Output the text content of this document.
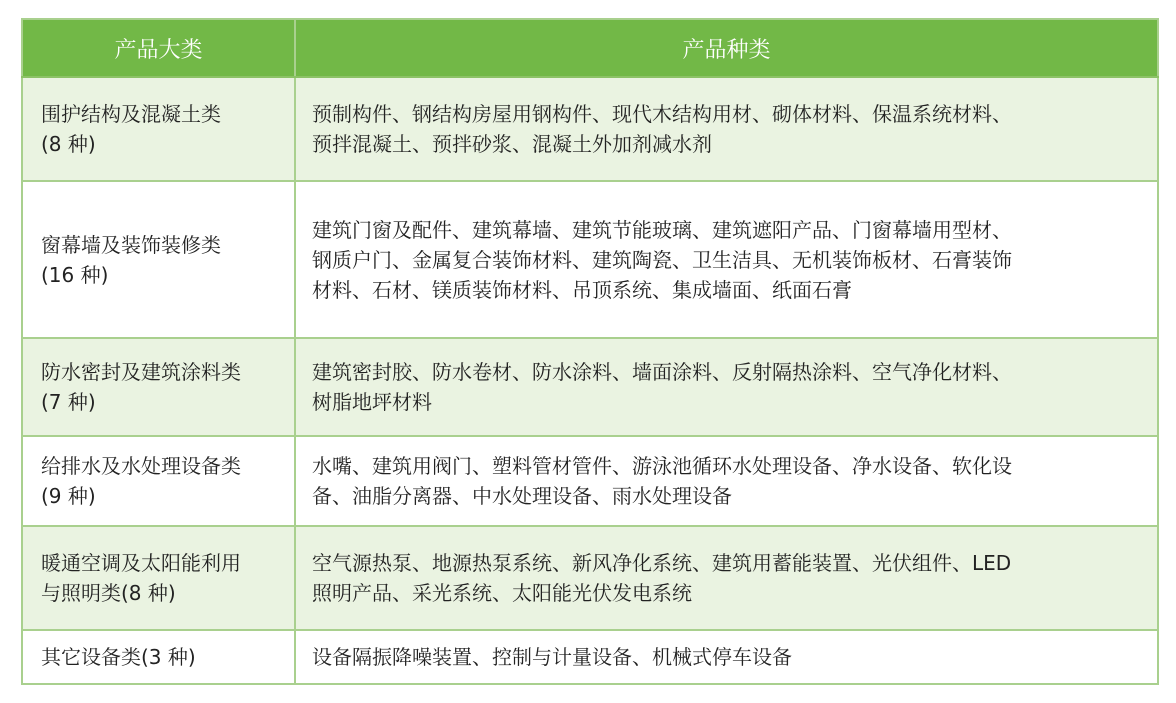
产品大类	产品种类

围护结构及混凝土类
(8 种)	预制构件、钢结构房屋用钢构件、现代木结构用材、砌体材料、保温系统材料、
预拌混凝土、预拌砂浆、混凝土外加剂减水剂

窗幕墙及装饰装修类
(16 种)	建筑门窗及配件、建筑幕墙、建筑节能玻璃、建筑遮阳产品、门窗幕墙用型材、
钢质户门、金属复合装饰材料、建筑陶瓷、卫生洁具、无机装饰板材、石膏装饰
材料、石材、镁质装饰材料、吊顶系统、集成墙面、纸面石膏

防水密封及建筑涂料类
(7 种)	建筑密封胶、防水卷材、防水涂料、墙面涂料、反射隔热涂料、空气净化材料、
树脂地坪材料

给排水及水处理设备类
(9 种)	水嘴、建筑用阀门、塑料管材管件、游泳池循环水处理设备、净水设备、软化设
备、油脂分离器、中水处理设备、雨水处理设备

暖通空调及太阳能利用
与照明类(8 种)	空气源热泵、地源热泵系统、新风净化系统、建筑用蓄能装置、光伏组件、LED
照明产品、采光系统、太阳能光伏发电系统

其它设备类(3 种)	设备隔振降噪装置、控制与计量设备、机械式停车设备
